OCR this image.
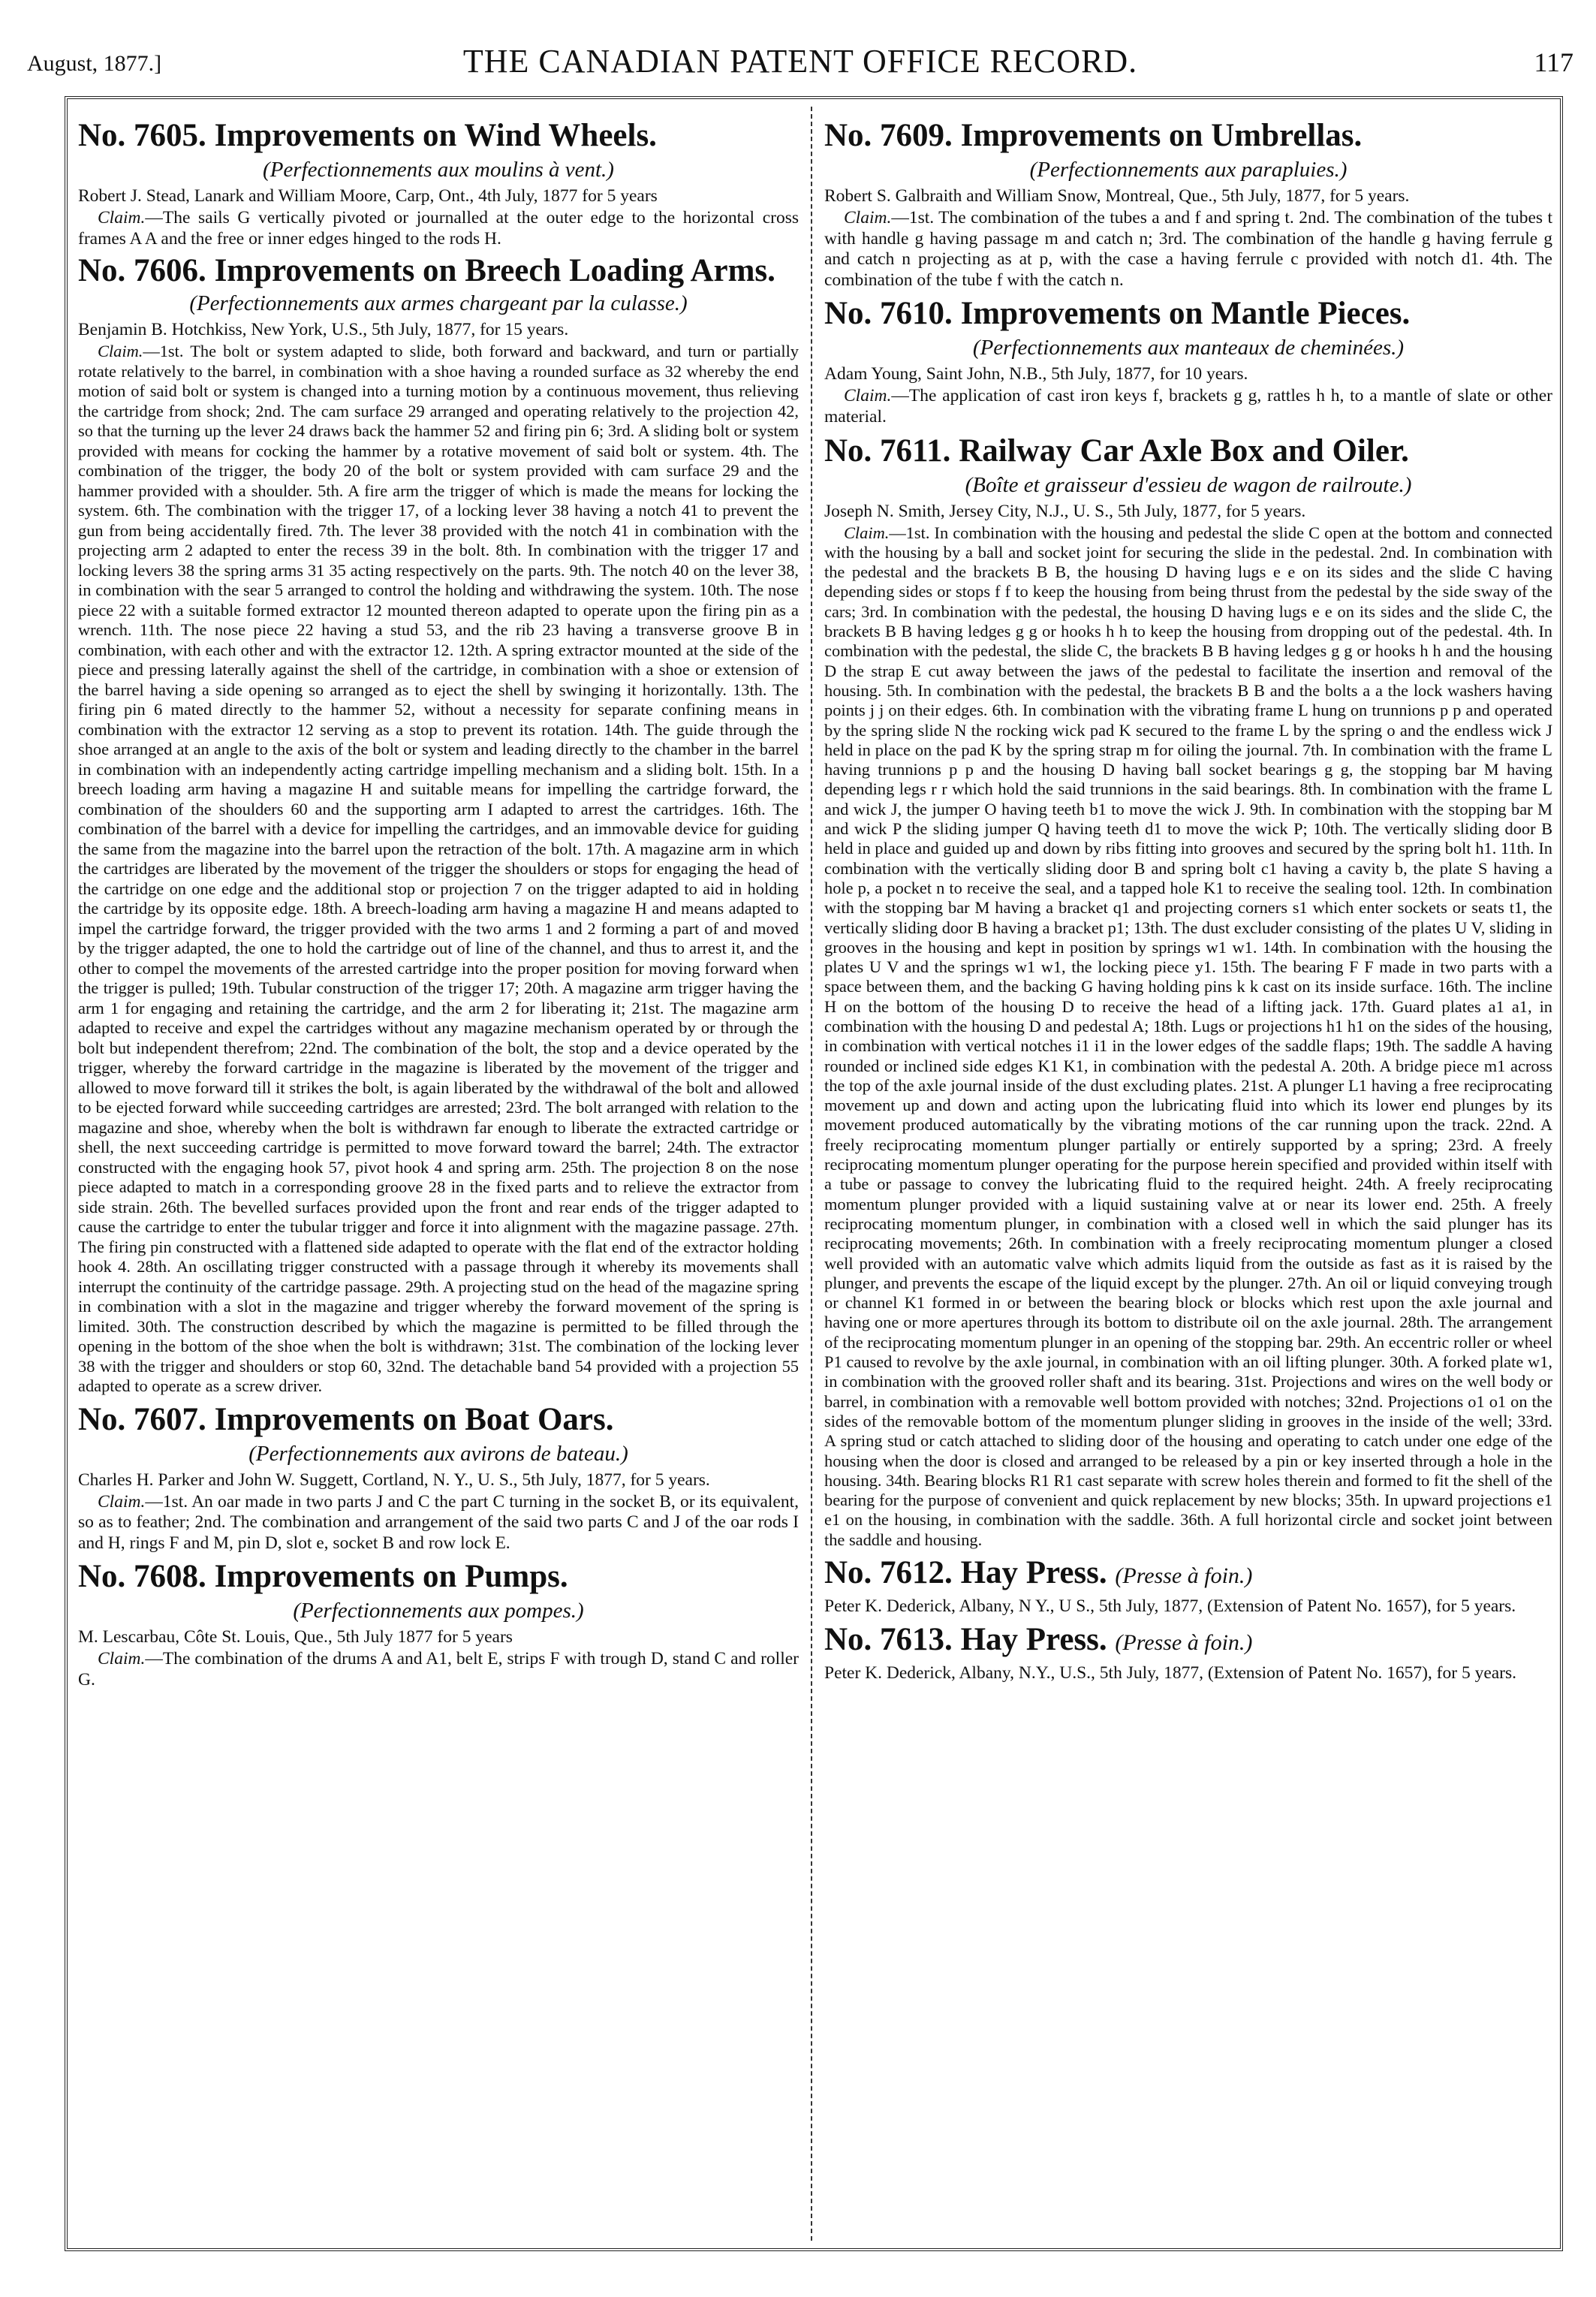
August, 1877.]	THE CANADIAN PATENT OFFICE RECORD.	117
No. 7605. Improvements on Wind Wheels.
(Perfectionnements aux moulins à vent.)
Robert J. Stead, Lanark and William Moore, Carp, Ont., 4th July, 1877 for 5 years
Claim.—The sails G vertically pivoted or journalled at the outer edge to the horizontal cross frames A A and the free or inner edges hinged to the rods H.
No. 7606. Improvements on Breech Loading Arms.
(Perfectionnements aux armes chargeant par la culasse.)
Benjamin B. Hotchkiss, New York, U.S., 5th July, 1877, for 15 years.
Claim.—1st. The bolt or system adapted to slide, both forward and backward, and turn or partially rotate relatively to the barrel, in combination with a shoe having a rounded surface as 32 whereby the end motion of said bolt or system is changed into a turning motion by a continuous movement, thus relieving the cartridge from shock; 2nd. The cam surface 29 arranged and operating relatively to the projection 42, so that the turning up the lever 24 draws back the hammer 52 and firing pin 6; 3rd. A sliding bolt or system provided with means for cocking the hammer by a rotative movement of said bolt or system. 4th. The combination of the trigger, the body 20 of the bolt or system provided with cam surface 29 and the hammer provided with a shoulder. 5th. A fire arm the trigger of which is made the means for locking the system. 6th. The combination with the trigger 17, of a locking lever 38 having a notch 41 to prevent the gun from being accidentally fired. 7th. The lever 38 provided with the notch 41 in combination with the projecting arm 2 adapted to enter the recess 39 in the bolt. 8th. In combination with the trigger 17 and locking levers 38 the spring arms 31 35 acting respectively on the parts. 9th. The notch 40 on the lever 38, in combination with the sear 5 arranged to control the holding and withdrawing the system. 10th. The nose piece 22 with a suitable formed extractor 12 mounted thereon adapted to operate upon the firing pin as a wrench. 11th. The nose piece 22 having a stud 53, and the rib 23 having a transverse groove B in combination, with each other and with the extractor 12. 12th. A spring extractor mounted at the side of the piece and pressing laterally against the shell of the cartridge, in combination with a shoe or extension of the barrel having a side opening so arranged as to eject the shell by swinging it horizontally. 13th. The firing pin 6 mated directly to the hammer 52, without a necessity for separate confining means in combination with the extractor 12 serving as a stop to prevent its rotation. 14th. The guide through the shoe arranged at an angle to the axis of the bolt or system and leading directly to the chamber in the barrel in combination with an independently acting cartridge impelling mechanism and a sliding bolt. 15th. In a breech loading arm having a magazine H and suitable means for impelling the cartridge forward, the combination of the shoulders 60 and the supporting arm I adapted to arrest the cartridges. 16th. The combination of the barrel with a device for impelling the cartridges, and an immovable device for guiding the same from the magazine into the barrel upon the retraction of the bolt. 17th. A magazine arm in which the cartridges are liberated by the movement of the trigger the shoulders or stops for engaging the head of the cartridge on one edge and the additional stop or projection 7 on the trigger adapted to aid in holding the cartridge by its opposite edge. 18th. A breech-loading arm having a magazine H and means adapted to impel the cartridge forward, the trigger provided with the two arms 1 and 2 forming a part of and moved by the trigger adapted, the one to hold the cartridge out of line of the channel, and thus to arrest it, and the other to compel the movements of the arrested cartridge into the proper position for moving forward when the trigger is pulled; 19th. Tubular construction of the trigger 17; 20th. A magazine arm trigger having the arm 1 for engaging and retaining the cartridge, and the arm 2 for liberating it; 21st. The magazine arm adapted to receive and expel the cartridges without any magazine mechanism operated by or through the bolt but independent therefrom; 22nd. The combination of the bolt, the stop and a device operated by the trigger, whereby the forward cartridge in the magazine is liberated by the movement of the trigger and allowed to move forward till it strikes the bolt, is again liberated by the withdrawal of the bolt and allowed to be ejected forward while succeeding cartridges are arrested; 23rd. The bolt arranged with relation to the magazine and shoe, whereby when the bolt is withdrawn far enough to liberate the extracted cartridge or shell, the next succeeding cartridge is permitted to move forward toward the barrel; 24th. The extractor constructed with the engaging hook 57, pivot hook 4 and spring arm. 25th. The projection 8 on the nose piece adapted to match in a corresponding groove 28 in the fixed parts and to relieve the extractor from side strain. 26th. The bevelled surfaces provided upon the front and rear ends of the trigger adapted to cause the cartridge to enter the tubular trigger and force it into alignment with the magazine passage. 27th. The firing pin constructed with a flattened side adapted to operate with the flat end of the extractor holding hook 4. 28th. An oscillating trigger constructed with a passage through it whereby its movements shall interrupt the continuity of the cartridge passage. 29th. A projecting stud on the head of the magazine spring in combination with a slot in the magazine and trigger whereby the forward movement of the spring is limited. 30th. The construction described by which the magazine is permitted to be filled through the opening in the bottom of the shoe when the bolt is withdrawn; 31st. The combination of the locking lever 38 with the trigger and shoulders or stop 60, 32nd. The detachable band 54 provided with a projection 55 adapted to operate as a screw driver.
No. 7607. Improvements on Boat Oars.
(Perfectionnements aux avirons de bateau.)
Charles H. Parker and John W. Suggett, Cortland, N. Y., U. S., 5th July, 1877, for 5 years.
Claim.—1st. An oar made in two parts J and C the part C turning in the socket B, or its equivalent, so as to feather; 2nd. The combination and arrangement of the said two parts C and J of the oar rods I and H, rings F and M, pin D, slot e, socket B and row lock E.
No. 7608. Improvements on Pumps.
(Perfectionnements aux pompes.)
M. Lescarbau, Côte St. Louis, Que., 5th July 1877 for 5 years
Claim.—The combination of the drums A and A1, belt E, strips F with trough D, stand C and roller G.
No. 7609. Improvements on Umbrellas.
(Perfectionnements aux parapluies.)
Robert S. Galbraith and William Snow, Montreal, Que., 5th July, 1877, for 5 years.
Claim.—1st. The combination of the tubes a and f and spring t. 2nd. The combination of the tubes t with handle g having passage m and catch n; 3rd. The combination of the handle g having ferrule g and catch n projecting as at p, with the case a having ferrule c provided with notch d1. 4th. The combination of the tube f with the catch n.
No. 7610. Improvements on Mantle Pieces.
(Perfectionnements aux manteaux de cheminées.)
Adam Young, Saint John, N.B., 5th July, 1877, for 10 years.
Claim.—The application of cast iron keys f, brackets g g, rattles h h, to a mantle of slate or other material.
No. 7611. Railway Car Axle Box and Oiler.
(Boîte et graisseur d'essieu de wagon de railroute.)
Joseph N. Smith, Jersey City, N.J., U. S., 5th July, 1877, for 5 years.
Claim.—1st. In combination with the housing and pedestal the slide C open at the bottom and connected with the housing by a ball and socket joint for securing the slide in the pedestal. 2nd. In combination with the pedestal and the brackets B B, the housing D having lugs e e on its sides and the slide C having depending sides or stops f f to keep the housing from being thrust from the pedestal by the side sway of the cars; 3rd. In combination with the pedestal, the housing D having lugs e e on its sides and the slide C, the brackets B B having ledges g g or hooks h h to keep the housing from dropping out of the pedestal. 4th. In combination with the pedestal, the slide C, the brackets B B having ledges g g or hooks h h and the housing D the strap E cut away between the jaws of the pedestal to facilitate the insertion and removal of the housing. 5th. In combination with the pedestal, the brackets B B and the bolts a a the lock washers having points j j on their edges. 6th. In combination with the vibrating frame L hung on trunnions p p and operated by the spring slide N the rocking wick pad K secured to the frame L by the spring o and the endless wick J held in place on the pad K by the spring strap m for oiling the journal. 7th. In combination with the frame L having trunnions p p and the housing D having ball socket bearings g g, the stopping bar M having depending legs r r which hold the said trunnions in the said bearings. 8th. In combination with the frame L and wick J, the jumper O having teeth b1 to move the wick J. 9th. In combination with the stopping bar M and wick P the sliding jumper Q having teeth d1 to move the wick P; 10th. The vertically sliding door B held in place and guided up and down by ribs fitting into grooves and secured by the spring bolt h1. 11th. In combination with the vertically sliding door B and spring bolt c1 having a cavity b, the plate S having a hole p, a pocket n to receive the seal, and a tapped hole K1 to receive the sealing tool. 12th. In combination with the stopping bar M having a bracket q1 and projecting corners s1 which enter sockets or seats t1, the vertically sliding door B having a bracket p1; 13th. The dust excluder consisting of the plates U V, sliding in grooves in the housing and kept in position by springs w1 w1. 14th. In combination with the housing the plates U V and the springs w1 w1, the locking piece y1. 15th. The bearing F F made in two parts with a space between them, and the backing G having holding pins k k cast on its inside surface. 16th. The incline H on the bottom of the housing D to receive the head of a lifting jack. 17th. Guard plates a1 a1, in combination with the housing D and pedestal A; 18th. Lugs or projections h1 h1 on the sides of the housing, in combination with vertical notches i1 i1 in the lower edges of the saddle flaps; 19th. The saddle A having rounded or inclined side edges K1 K1, in combination with the pedestal A. 20th. A bridge piece m1 across the top of the axle journal inside of the dust excluding plates. 21st. A plunger L1 having a free reciprocating movement up and down and acting upon the lubricating fluid into which its lower end plunges by its movement produced automatically by the vibrating motions of the car running upon the track. 22nd. A freely reciprocating momentum plunger partially or entirely supported by a spring; 23rd. A freely reciprocating momentum plunger operating for the purpose herein specified and provided within itself with a tube or passage to convey the lubricating fluid to the required height. 24th. A freely reciprocating momentum plunger provided with a liquid sustaining valve at or near its lower end. 25th. A freely reciprocating momentum plunger, in combination with a closed well in which the said plunger has its reciprocating movements; 26th. In combination with a freely reciprocating momentum plunger a closed well provided with an automatic valve which admits liquid from the outside as fast as it is raised by the plunger, and prevents the escape of the liquid except by the plunger. 27th. An oil or liquid conveying trough or channel K1 formed in or between the bearing block or blocks which rest upon the axle journal and having one or more apertures through its bottom to distribute oil on the axle journal. 28th. The arrangement of the reciprocating momentum plunger in an opening of the stopping bar. 29th. An eccentric roller or wheel P1 caused to revolve by the axle journal, in combination with an oil lifting plunger. 30th. A forked plate w1, in combination with the grooved roller shaft and its bearing. 31st. Projections and wires on the well body or barrel, in combination with a removable well bottom provided with notches; 32nd. Projections o1 o1 on the sides of the removable bottom of the momentum plunger sliding in grooves in the inside of the well; 33rd. A spring stud or catch attached to sliding door of the housing and operating to catch under one edge of the housing when the door is closed and arranged to be released by a pin or key inserted through a hole in the housing. 34th. Bearing blocks R1 R1 cast separate with screw holes therein and formed to fit the shell of the bearing for the purpose of convenient and quick replacement by new blocks; 35th. In upward projections e1 e1 on the housing, in combination with the saddle. 36th. A full horizontal circle and socket joint between the saddle and housing.
No. 7612. Hay Press. (Presse à foin.)
Peter K. Dederick, Albany, N Y., U S., 5th July, 1877, (Extension of Patent No. 1657), for 5 years.
No. 7613. Hay Press. (Presse à foin.)
Peter K. Dederick, Albany, N.Y., U.S., 5th July, 1877, (Extension of Patent No. 1657), for 5 years.
